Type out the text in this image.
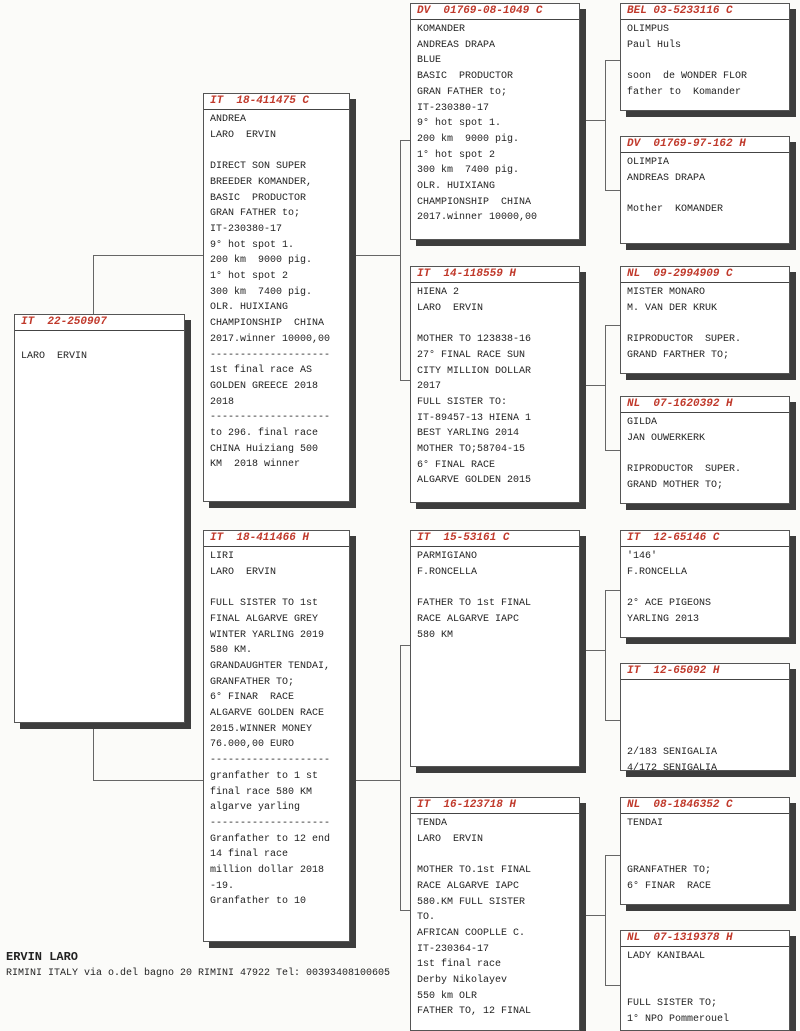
IT  22-250907

LARO  ERVIN
IT  18-411475 C
ANDREA
LARO  ERVIN

DIRECT SON SUPER
BREEDER KOMANDER,
BASIC  PRODUCTOR
GRAN FATHER to;
IT-230380-17
9° hot spot 1.
200 km  9000 pig.
1° hot spot 2
300 km  7400 pig.
OLR. HUIXIANG
CHAMPIONSHIP  CHINA
2017.winner 10000,00
--------------------
1st final race AS
GOLDEN GREECE 2018
2018
--------------------
to 296. final race
CHINA Huiziang 500
KM  2018 winner
IT  18-411466 H
LIRI
LARO  ERVIN

FULL SISTER TO 1st
FINAL ALGARVE GREY
WINTER YARLING 2019
580 KM.
GRANDAUGHTER TENDAI,
GRANFATHER TO;
6° FINAR  RACE
ALGARVE GOLDEN RACE
2015.WINNER MONEY
76.000,00 EURO
--------------------
granfather to 1 st
final race 580 KM
algarve yarling
--------------------
Granfather to 12 end
14 final race
million dollar 2018
-19.
Granfather to 10
DV  01769-08-1049 C
KOMANDER
ANDREAS DRAPA
BLUE
BASIC  PRODUCTOR
GRAN FATHER to;
IT-230380-17
9° hot spot 1.
200 km  9000 pig.
1° hot spot 2
300 km  7400 pig.
OLR. HUIXIANG
CHAMPIONSHIP  CHINA
2017.winner 10000,00
IT  14-118559 H
HIENA 2
LARO  ERVIN

MOTHER TO 123838-16
27° FINAL RACE SUN
CITY MILLION DOLLAR
2017
FULL SISTER TO:
IT-89457-13 HIENA 1
BEST YARLING 2014
MOTHER TO;58704-15
6° FINAL RACE
ALGARVE GOLDEN 2015
IT  15-53161 C
PARMIGIANO
F.RONCELLA

FATHER TO 1st FINAL
RACE ALGARVE IAPC
580 KM
IT  16-123718 H
TENDA
LARO  ERVIN

MOTHER TO.1st FINAL
RACE ALGARVE IAPC
580.KM FULL SISTER
TO.
AFRICAN COOPLLE C.
IT-230364-17
1st final race
Derby Nikolayev
550 km OLR
FATHER TO, 12 FINAL
BEL 03-5233116 C
OLIMPUS
Paul Huls

soon  de WONDER FLOR
father to  Komander
DV  01769-97-162 H
OLIMPIA
ANDREAS DRAPA

Mother  KOMANDER
NL  09-2994909 C
MISTER MONARO
M. VAN DER KRUK

RIPRODUCTOR  SUPER.
GRAND FARTHER TO;
NL  07-1620392 H
GILDA
JAN OUWERKERK

RIPRODUCTOR  SUPER.
GRAND MOTHER TO;
IT  12-65146 C
'146'
F.RONCELLA

2° ACE PIGEONS
YARLING 2013
IT  12-65092 H

2/183 SENIGALIA
4/172 SENIGALIA
NL  08-1846352 C
TENDAI

GRANFATHER TO;
6° FINAR  RACE
NL  07-1319378 H
LADY KANIBAAL

FULL SISTER TO;
1° NPO Pommerouel
ERVIN LARO
RIMINI ITALY via o.del bagno 20 RIMINI 47922 Tel: 00393408100605
